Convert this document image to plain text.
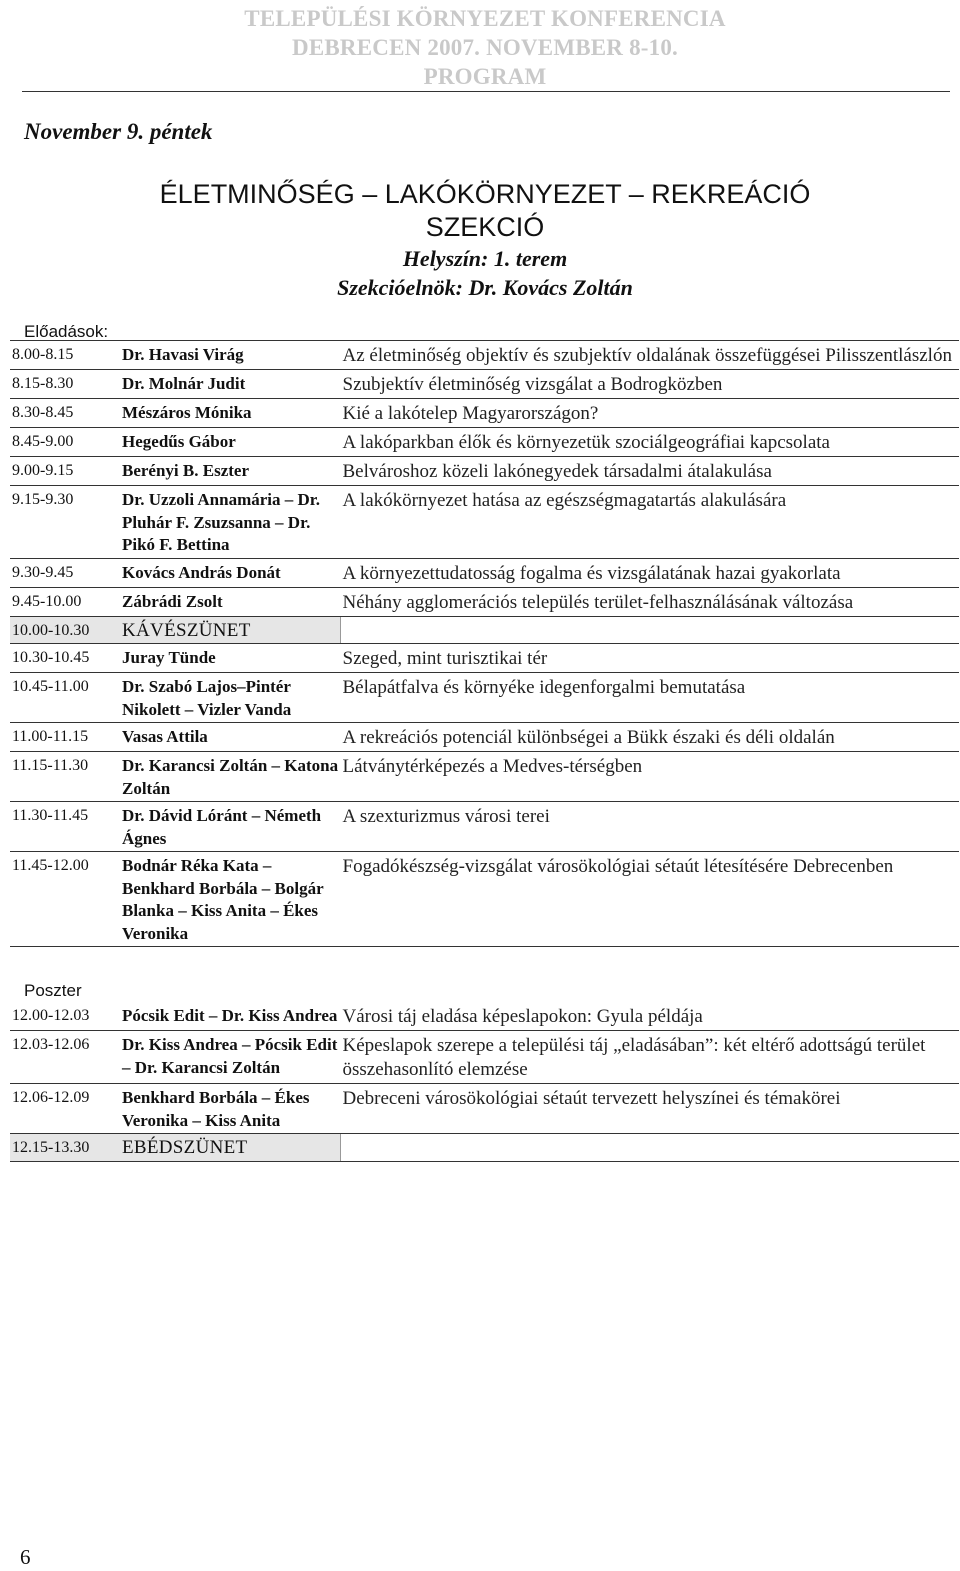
TELEPÜLÉSI KÖRNYEZET KONFERENCIA
DEBRECEN 2007. NOVEMBER 8-10.
PROGRAM
November 9. péntek
ÉLETMINŐSÉG – LAKÓKÖRNYEZET – REKREÁCIÓ
SZEKCIÓ
Helyszín: 1. terem
Szekcióelnök: Dr. Kovács Zoltán
Előadások:
8.00-8.15	Dr. Havasi Virág	Az életminőség objektív és szubjektív oldalának összefüggései Pilisszentlászlón
8.15-8.30	Dr. Molnár Judit	Szubjektív életminőség vizsgálat a Bodrogközben
8.30-8.45	Mészáros Mónika	Kié a lakótelep Magyarországon?
8.45-9.00	Hegedűs Gábor	A lakóparkban élők és környezetük szociálgeográfiai kapcsolata
9.00-9.15	Berényi B. Eszter	Belvároshoz közeli lakónegyedek társadalmi átalakulása
9.15-9.30	Dr. Uzzoli Annamária – Dr. Pluhár F. Zsuzsanna – Dr. Pikó F. Bettina	A lakókörnyezet hatása az egészségmagatartás alakulására
9.30-9.45	Kovács András Donát	A környezettudatosság fogalma és vizsgálatának hazai gyakorlata
9.45-10.00	Zábrádi Zsolt	Néhány agglomerációs település terület-felhasználásának változása
10.00-10.30	KÁVÉSZÜNET	
10.30-10.45	Juray Tünde	Szeged, mint turisztikai tér
10.45-11.00	Dr. Szabó Lajos–Pintér Nikolett – Vizler Vanda	Bélapátfalva és környéke idegenforgalmi bemutatása
11.00-11.15	Vasas Attila	A rekreációs potenciál különbségei a Bükk északi és déli oldalán
11.15-11.30	Dr. Karancsi Zoltán – Katona Zoltán	Látványtérképezés a Medves-térségben
11.30-11.45	Dr. Dávid Lóránt – Németh Ágnes	A szexturizmus városi terei
11.45-12.00	Bodnár Réka Kata – Benkhard Borbála – Bolgár Blanka – Kiss Anita – Ékes Veronika	Fogadókészség-vizsgálat városökológiai sétaút létesítésére Debrecenben
Poszter
12.00-12.03	Pócsik Edit – Dr. Kiss Andrea	Városi táj eladása képeslapokon: Gyula példája
12.03-12.06	Dr. Kiss Andrea – Pócsik Edit – Dr. Karancsi Zoltán	Képeslapok szerepe a települési táj „eladásában”: két eltérő adottságú terület összehasonlító elemzése
12.06-12.09	Benkhard Borbála – Ékes Veronika – Kiss Anita	Debreceni városökológiai sétaút tervezett helyszínei és témakörei
12.15-13.30	EBÉDSZÜNET	
6
